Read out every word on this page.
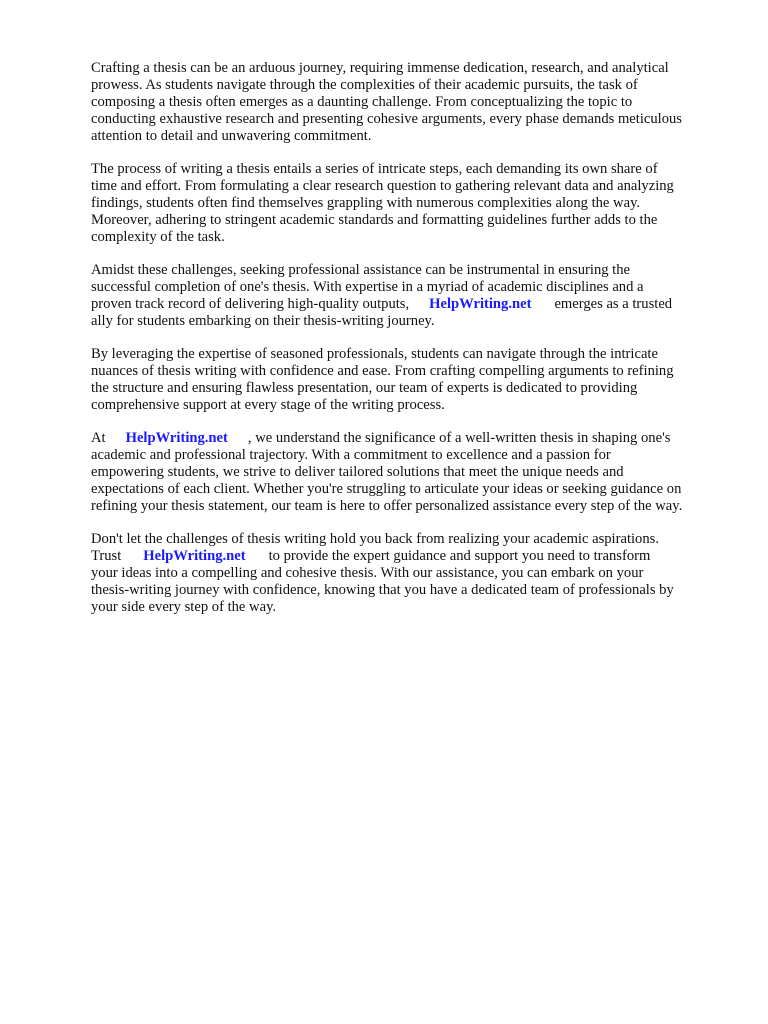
Crafting a thesis can be an arduous journey, requiring immense dedication, research, and analytical
prowess. As students navigate through the complexities of their academic pursuits, the task of
composing a thesis often emerges as a daunting challenge. From conceptualizing the topic to
conducting exhaustive research and presenting cohesive arguments, every phase demands meticulous
attention to detail and unwavering commitment.

The process of writing a thesis entails a series of intricate steps, each demanding its own share of
time and effort. From formulating a clear research question to gathering relevant data and analyzing
findings, students often find themselves grappling with numerous complexities along the way.
Moreover, adhering to stringent academic standards and formatting guidelines further adds to the
complexity of the task.

Amidst these challenges, seeking professional assistance can be instrumental in ensuring the
successful completion of one's thesis. With expertise in a myriad of academic disciplines and a
proven track record of delivering high-quality outputs, HelpWriting.net emerges as a trusted
ally for students embarking on their thesis-writing journey.

By leveraging the expertise of seasoned professionals, students can navigate through the intricate
nuances of thesis writing with confidence and ease. From crafting compelling arguments to refining
the structure and ensuring flawless presentation, our team of experts is dedicated to providing
comprehensive support at every stage of the writing process.

At HelpWriting.net , we understand the significance of a well-written thesis in shaping one's
academic and professional trajectory. With a commitment to excellence and a passion for
empowering students, we strive to deliver tailored solutions that meet the unique needs and
expectations of each client. Whether you're struggling to articulate your ideas or seeking guidance on
refining your thesis statement, our team is here to offer personalized assistance every step of the way.

Don't let the challenges of thesis writing hold you back from realizing your academic aspirations.
Trust HelpWriting.net to provide the expert guidance and support you need to transform
your ideas into a compelling and cohesive thesis. With our assistance, you can embark on your
thesis-writing journey with confidence, knowing that you have a dedicated team of professionals by
your side every step of the way.
